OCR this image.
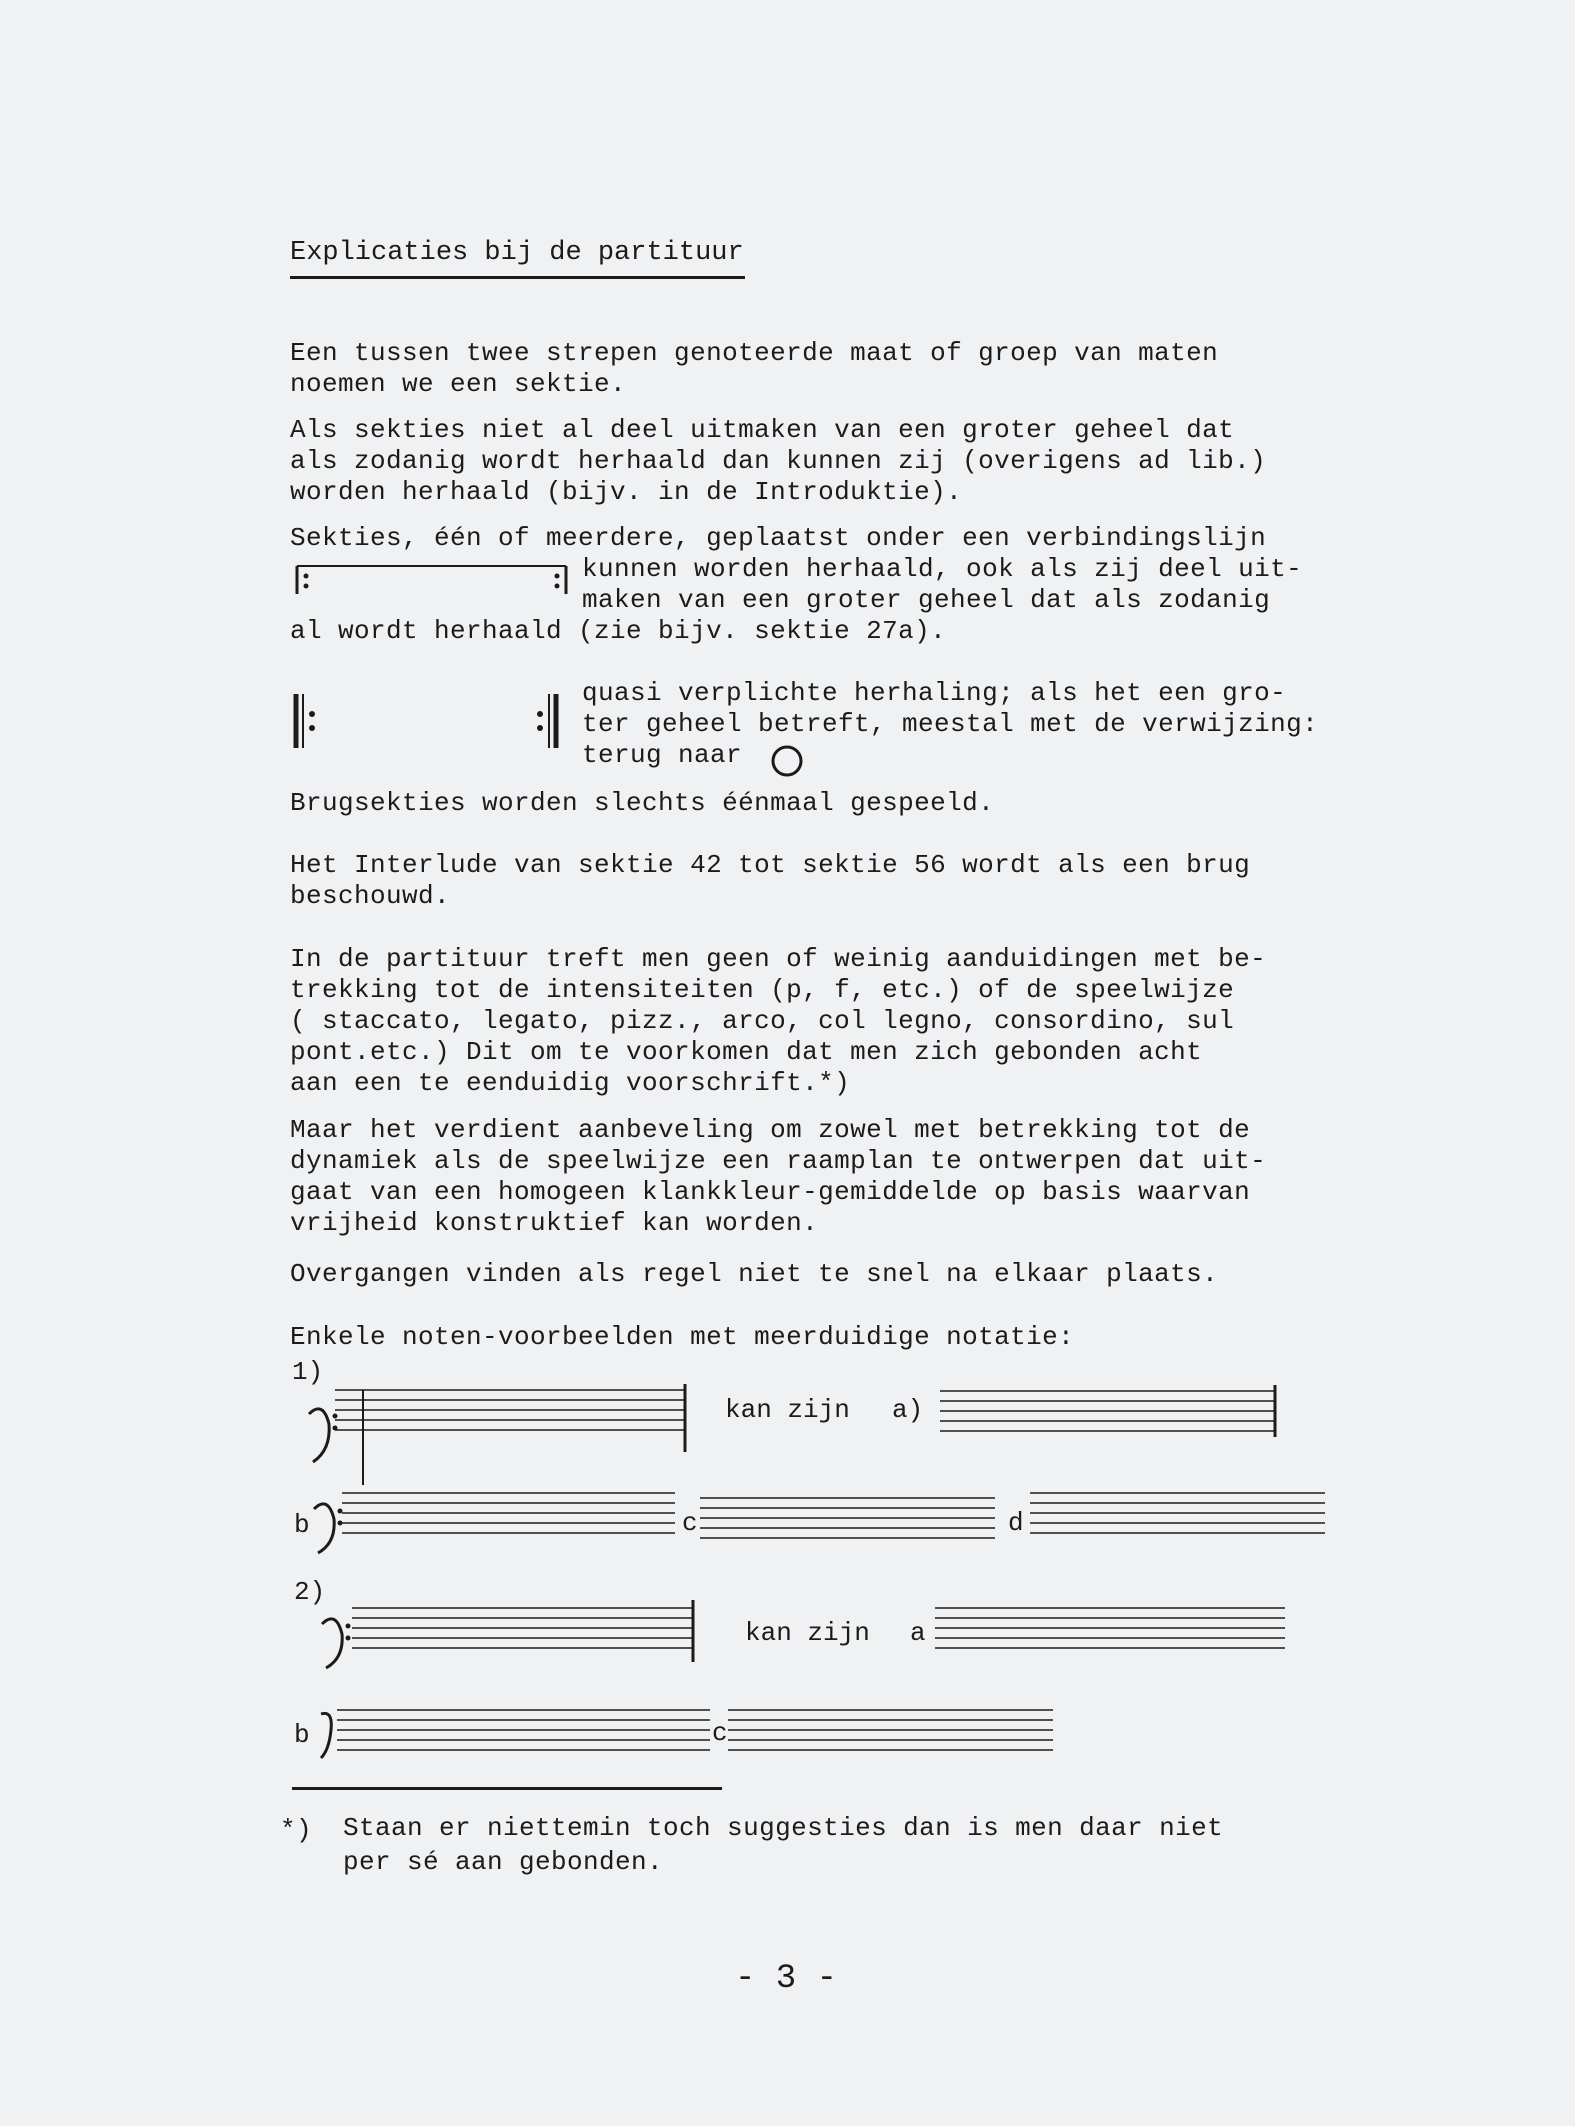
Explicaties bij de partituur
Een tussen twee strepen genoteerde maat of groep van maten
noemen we een sektie.
Als sekties niet al deel uitmaken van een groter geheel dat
als zodanig wordt herhaald dan kunnen zij (overigens ad lib.)
worden herhaald (bijv. in de Introduktie).
Sekties, één of meerdere, geplaatst onder een verbindingslijn
kunnen worden herhaald, ook als zij deel uit-
maken van een groter geheel dat als zodanig
al wordt herhaald (zie bijv. sektie 27a).
quasi verplichte herhaling; als het een gro-
ter geheel betreft, meestal met de verwijzing:
terug naar
Brugsekties worden slechts éénmaal gespeeld.
Het Interlude van sektie 42 tot sektie 56 wordt als een brug
beschouwd.
In de partituur treft men geen of weinig aanduidingen met be-
trekking tot de intensiteiten (p, f, etc.) of de speelwijze
( staccato, legato, pizz., arco, col legno, consordino, sul
pont.etc.) Dit om te voorkomen dat men zich gebonden acht
aan een te eenduidig voorschrift.*)
Maar het verdient aanbeveling om zowel met betrekking tot de
dynamiek als de speelwijze een raamplan te ontwerpen dat uit-
gaat van een homogeen klankkleur-gemiddelde op basis waarvan
vrijheid konstruktief kan worden.
Overgangen vinden als regel niet te snel na elkaar plaats.
Enkele noten-voorbeelden met meerduidige notatie:
1)
kan zijn a)
b	c	d
2)
kan zijn a
b	c
*) Staan er niettemin toch suggesties dan is men daar niet
per sé aan gebonden.
- 3 -
